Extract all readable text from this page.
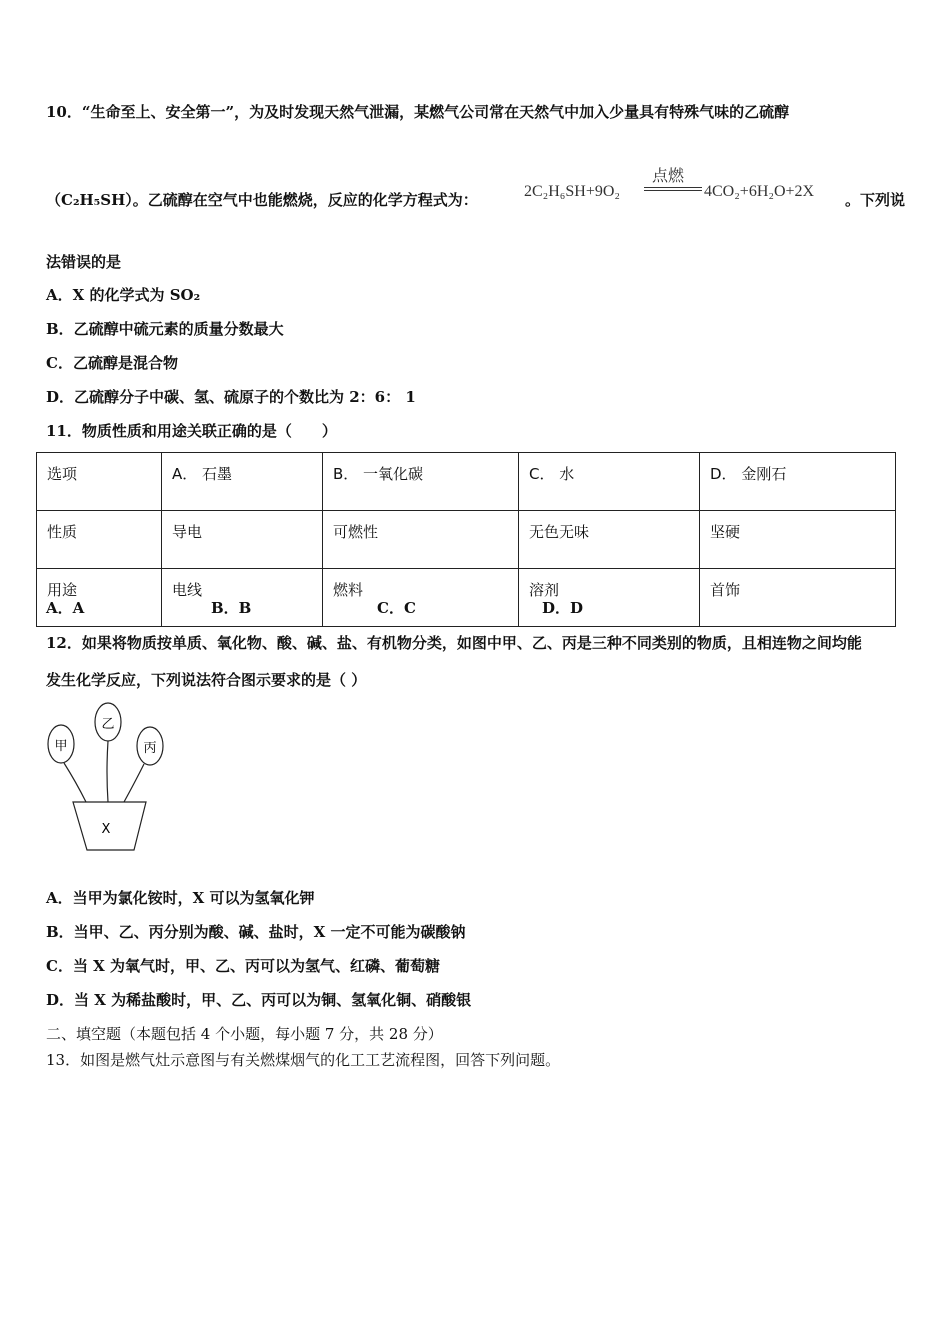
10．“生命至上、安全第一”，为及时发现天然气泄漏，某燃气公司常在天然气中加入少量具有特殊气味的乙硫醇
（C₂H₅SH）。乙硫醇在空气中也能燃烧，反应的化学方程式为：	2C₂H₆SH+9O₂
点燃
4CO₂+6H₂O+2X 。下列说
法错误的是
A．X 的化学式为 SO₂
B．乙硫醇中硫元素的质量分数最大
C．乙硫醇是混合物
D．乙硫醇分子中碳、氢、硫原子的个数比为 2：6： 1
11．物质性质和用途关联正确的是（　　）
选项	A． 石墨	B． 一氧化碳	C． 水	D． 金刚石
性质	导电	可燃性	无色无味	坚硬
用途	电线	燃料	溶剂	首饰
A．A	B．B	C．C	D．D
12．如果将物质按单质、氧化物、酸、碱、盐、有机物分类，如图中甲、乙、丙是三种不同类别的物质，且相连物之间均能
发生化学反应，下列说法符合图示要求的是（ ）
甲
乙
丙
X
A．当甲为氯化铵时，X 可以为氢氧化钾
B．当甲、乙、丙分别为酸、碱、盐时，X 一定不可能为碳酸钠
C．当 X 为氧气时，甲、乙、丙可以为氢气、红磷、葡萄糖
D．当 X 为稀盐酸时，甲、乙、丙可以为铜、氢氧化铜、硝酸银
二、填空题（本题包括 4 个小题，每小题 7 分，共 28 分）
13．如图是燃气灶示意图与有关燃煤烟气的化工工艺流程图，回答下列问题。
